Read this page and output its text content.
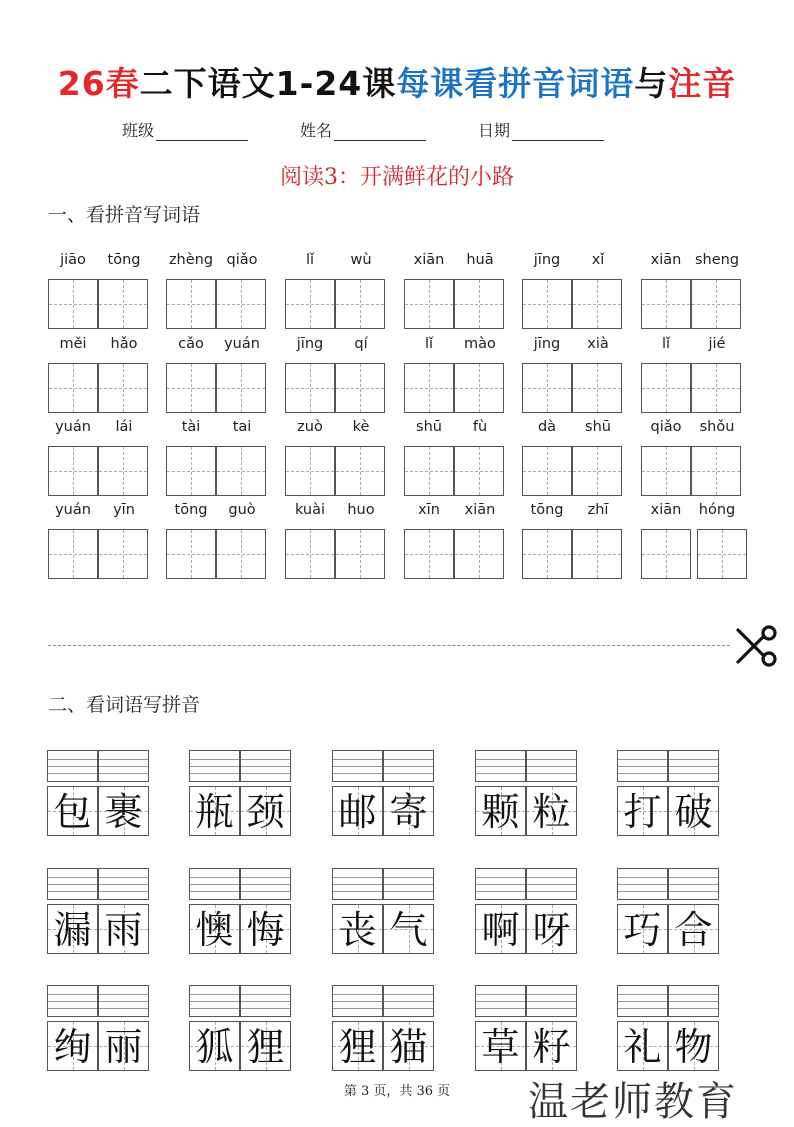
26春二下语文1-24课每课看拼音词语与注音
班级	姓名	日期
阅读3：开满鲜花的小路
一、看拼音写词语
jiāo	tōng	zhèng qiǎo	lǐ	wù	xiān	huā	jīng	xǐ	xiān sheng
měi	hǎo	cǎo	yuán	jīng	qí	lǐ	mào	jīng	xià	lǐ	jié
yuán	lái	tài	tai	zuò	kè	shū	fù	dà	shū	qiǎo	shǒu
yuán	yīn	tōng	guò	kuài	huo	xīn	xiān	tōng	zhī	xiān	hóng
二、看词语写拼音
包 裹 瓶 颈 邮 寄 颗 粒 打 破
漏 雨 懊 悔 丧 气 啊 呀 巧 合
绚 丽 狐 狸 狸 猫 草 籽 礼 物
第 3 页，共 36 页	温老师教育
